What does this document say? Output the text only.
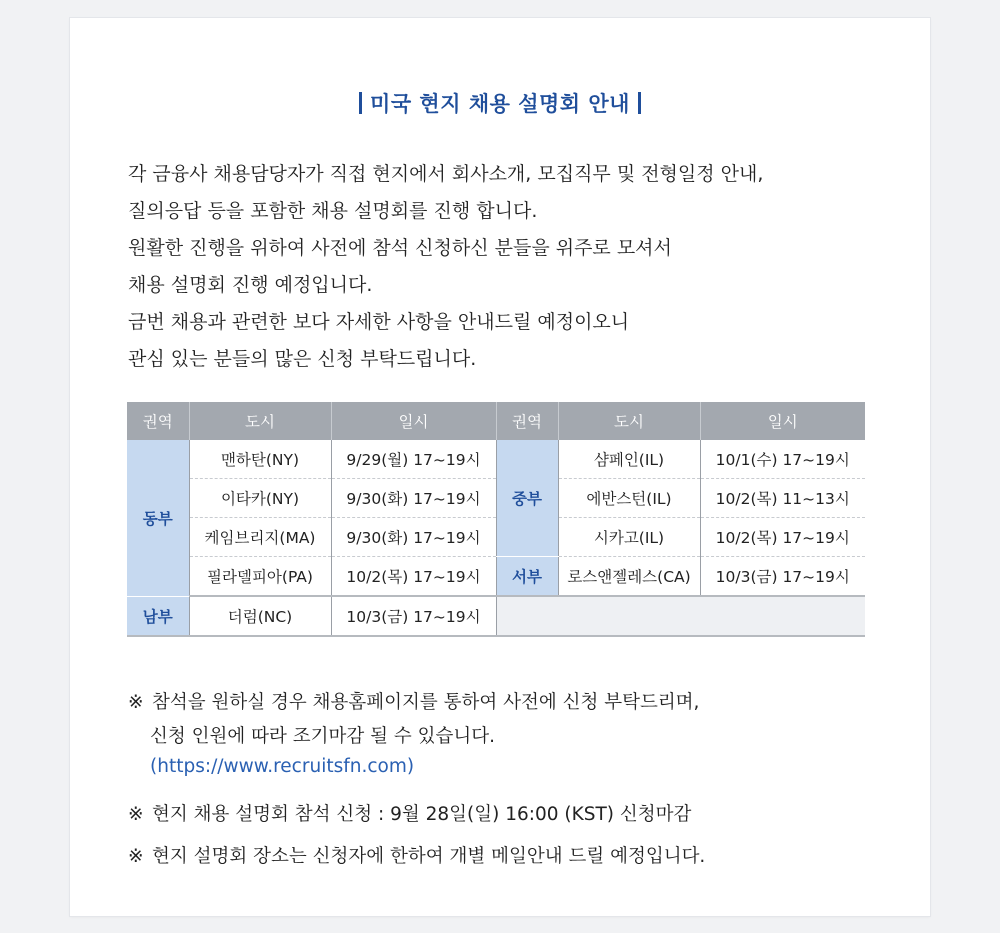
미국 현지 채용 설명회 안내

각 금융사 채용담당자가 직접 현지에서 회사소개, 모집직무 및 전형일정 안내,

질의응답 등을 포함한 채용 설명회를 진행 합니다.

원활한 진행을 위하여 사전에 참석 신청하신 분들을 위주로 모셔서

채용 설명회 진행 예정입니다.

금번 채용과 관련한 보다 자세한 사항을 안내드릴 예정이오니

관심 있는 분들의 많은 신청 부탁드립니다.

권역	도시	일시	권역	도시	일시
동부	맨하탄(NY)	9/29(월) 17~19시	중부	샴페인(IL)	10/1(수) 17~19시
	이타카(NY)	9/30(화) 17~19시		에반스턴(IL)	10/2(목) 11~13시
	케임브리지(MA)	9/30(화) 17~19시		시카고(IL)	10/2(목) 17~19시
	필라델피아(PA)	10/2(목) 17~19시	서부	로스앤젤레스(CA)	10/3(금) 17~19시
남부	더럼(NC)	10/3(금) 17~19시			
※ 참석을 원하실 경우 채용홈페이지를 통하여 사전에 신청 부탁드리며,
신청 인원에 따라 조기마감 될 수 있습니다.
(https://www.recruitsfn.com)
※ 현지 채용 설명회 참석 신청 : 9월 28일(일) 16:00 (KST) 신청마감
※ 현지 설명회 장소는 신청자에 한하여 개별 메일안내 드릴 예정입니다.
